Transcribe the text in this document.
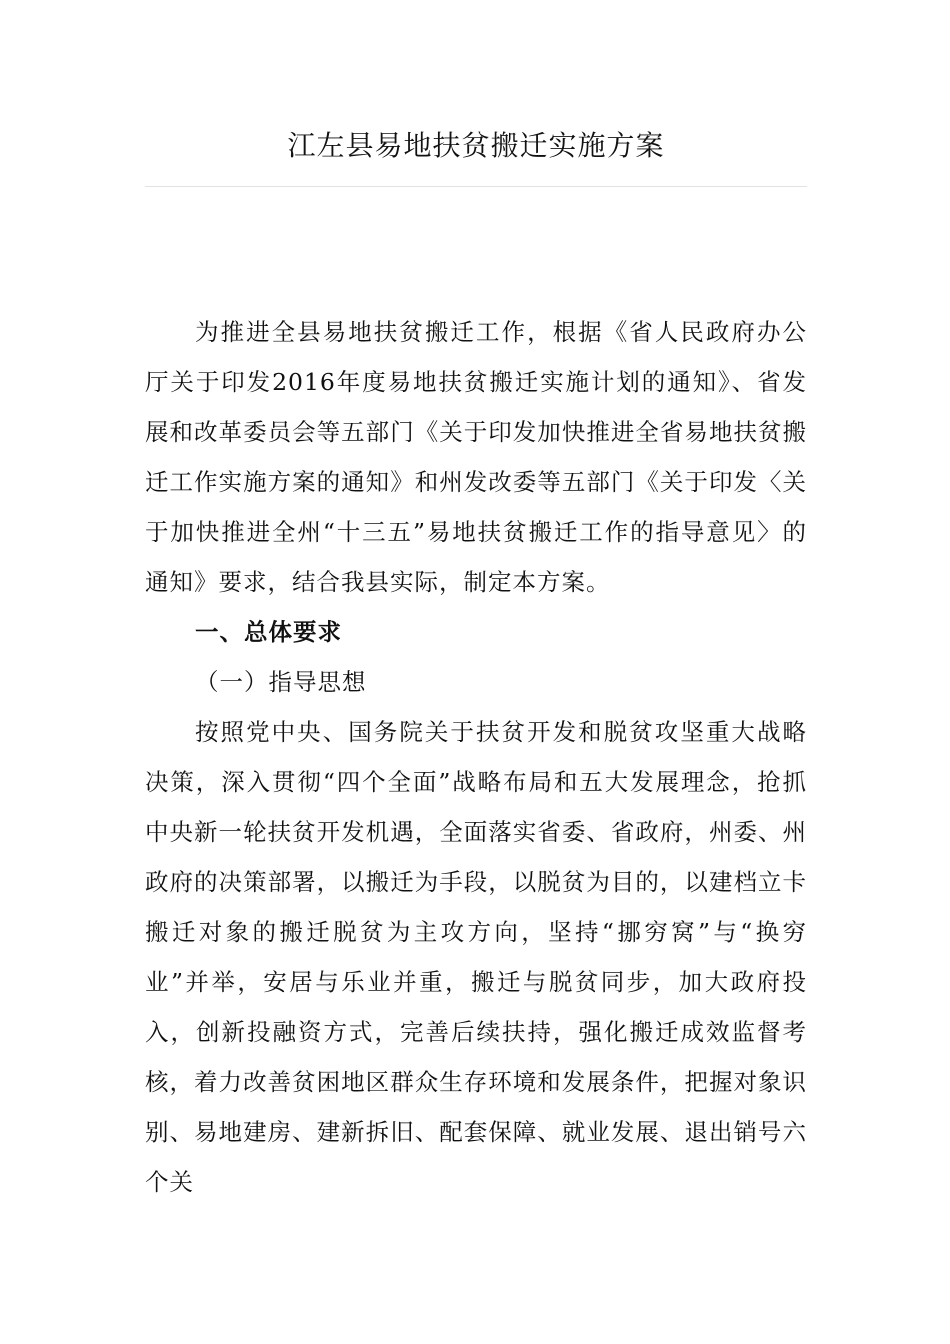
江左县易地扶贫搬迁实施方案

为推进全县易地扶贫搬迁工作，根据《省人民政府办公厅关于印发2016年度易地扶贫搬迁实施计划的通知》、省发展和改革委员会等五部门《关于印发加快推进全省易地扶贫搬迁工作实施方案的通知》和州发改委等五部门《关于印发〈关于加快推进全州“十三五”易地扶贫搬迁工作的指导意见〉的通知》要求，结合我县实际，制定本方案。

一、总体要求

（一）指导思想

按照党中央、国务院关于扶贫开发和脱贫攻坚重大战略决策，深入贯彻“四个全面”战略布局和五大发展理念，抢抓中央新一轮扶贫开发机遇，全面落实省委、省政府，州委、州政府的决策部署，以搬迁为手段，以脱贫为目的，以建档立卡搬迁对象的搬迁脱贫为主攻方向，坚持“挪穷窝”与“换穷业”并举，安居与乐业并重，搬迁与脱贫同步，加大政府投入，创新投融资方式，完善后续扶持，强化搬迁成效监督考核，着力改善贫困地区群众生存环境和发展条件，把握对象识别、易地建房、建新拆旧、配套保障、就业发展、退出销号六个关
